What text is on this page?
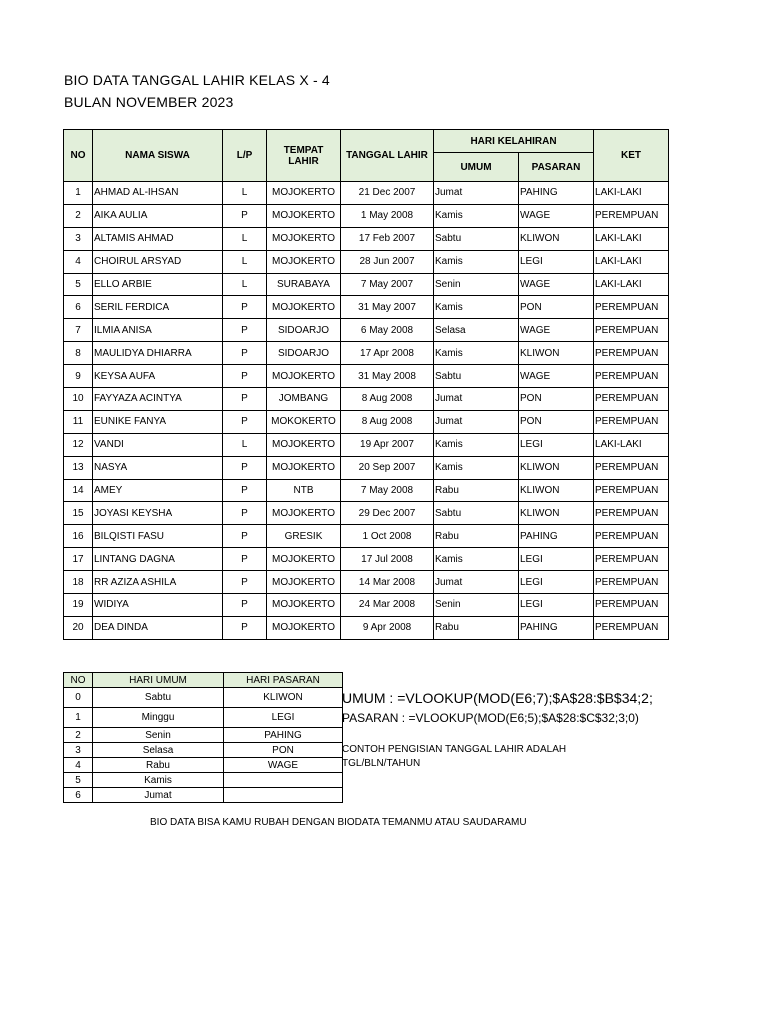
BIO DATA TANGGAL LAHIR KELAS X - 4
BULAN NOVEMBER 2023
NO	NAMA SISWA	L/P	TEMPAT LAHIR	TANGGAL LAHIR	HARI KELAHIRAN		KET
					UMUM	PASARAN	
1	AHMAD AL-IHSAN	L	MOJOKERTO	21 Dec 2007	Jumat	PAHING	LAKI-LAKI
2	AIKA AULIA	P	MOJOKERTO	1 May 2008	Kamis	WAGE	PEREMPUAN
3	ALTAMIS AHMAD	L	MOJOKERTO	17 Feb 2007	Sabtu	KLIWON	LAKI-LAKI
4	CHOIRUL ARSYAD	L	MOJOKERTO	28 Jun 2007	Kamis	LEGI	LAKI-LAKI
5	ELLO ARBIE	L	SURABAYA	7 May 2007	Senin	WAGE	LAKI-LAKI
6	SERIL FERDICA	P	MOJOKERTO	31 May 2007	Kamis	PON	PEREMPUAN
7	ILMIA ANISA	P	SIDOARJO	6 May 2008	Selasa	WAGE	PEREMPUAN
8	MAULIDYA DHIARRA	P	SIDOARJO	17 Apr 2008	Kamis	KLIWON	PEREMPUAN
9	KEYSA AUFA	P	MOJOKERTO	31 May 2008	Sabtu	WAGE	PEREMPUAN
10	FAYYAZA ACINTYA	P	JOMBANG	8 Aug 2008	Jumat	PON	PEREMPUAN
11	EUNIKE FANYA	P	MOKOKERTO	8 Aug 2008	Jumat	PON	PEREMPUAN
12	VANDI	L	MOJOKERTO	19 Apr 2007	Kamis	LEGI	LAKI-LAKI
13	NASYA	P	MOJOKERTO	20 Sep 2007	Kamis	KLIWON	PEREMPUAN
14	AMEY	P	NTB	7 May 2008	Rabu	KLIWON	PEREMPUAN
15	JOYASI KEYSHA	P	MOJOKERTO	29 Dec 2007	Sabtu	KLIWON	PEREMPUAN
16	BILQISTI FASU	P	GRESIK	1 Oct 2008	Rabu	PAHING	PEREMPUAN
17	LINTANG DAGNA	P	MOJOKERTO	17 Jul 2008	Kamis	LEGI	PEREMPUAN
18	RR AZIZA ASHILA	P	MOJOKERTO	14 Mar 2008	Jumat	LEGI	PEREMPUAN
19	WIDIYA	P	MOJOKERTO	24 Mar 2008	Senin	LEGI	PEREMPUAN
20	DEA DINDA	P	MOJOKERTO	9 Apr 2008	Rabu	PAHING	PEREMPUAN
NO	HARI UMUM	HARI PASARAN
0	Sabtu	KLIWON
1	Minggu	LEGI
2	Senin	PAHING
3	Selasa	PON
4	Rabu	WAGE
5	Kamis	
6	Jumat	
UMUM : =VLOOKUP(MOD(E6;7);$A$28:$B$34;2;
PASARAN : =VLOOKUP(MOD(E6;5);$A$28:$C$32;3;0)
CONTOH PENGISIAN TANGGAL LAHIR ADALAH
TGL/BLN/TAHUN
BIO DATA BISA KAMU RUBAH DENGAN BIODATA TEMANMU ATAU SAUDARAMU
